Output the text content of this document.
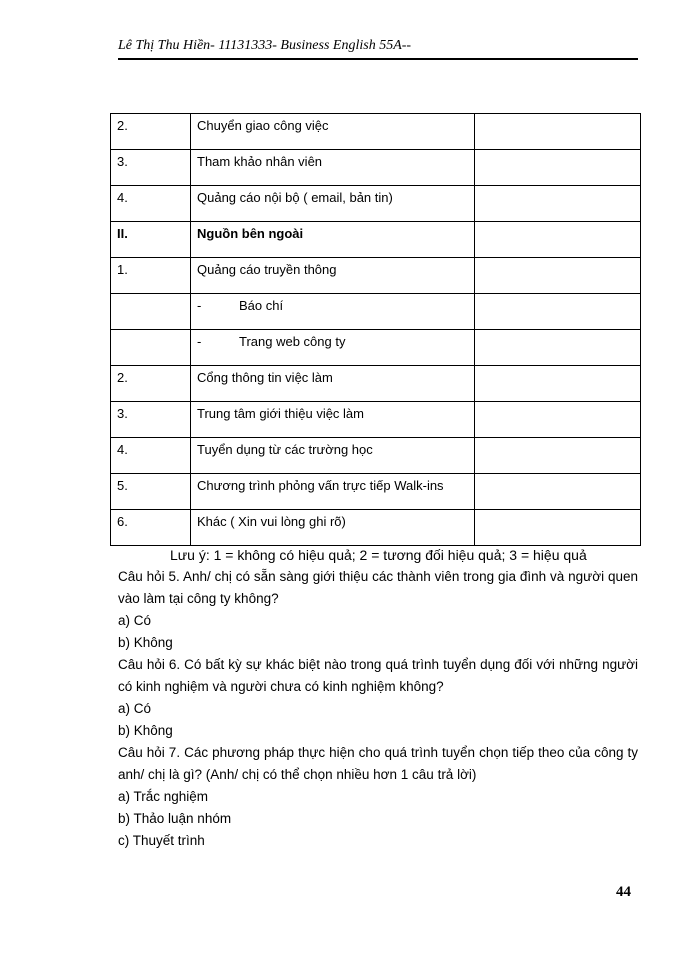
Lê Thị Thu Hiền- 11131333- Business English 55A--
2.	Chuyển giao công việc	
3.	Tham khảo nhân viên	
4.	Quảng cáo nội bộ ( email, bản tin)	
II.	Nguồn bên ngoài	
1.	Quảng cáo truyền thông	
	- Báo chí	
	- Trang web công ty	
2.	Cổng thông tin việc làm	
3.	Trung tâm giới thiệu việc làm	
4.	Tuyển dụng từ các trường học	
5.	Chương trình phỏng vấn trực tiếp Walk-ins	
6.	Khác ( Xin vui lòng ghi rõ)	
Lưu ý: 1 = không có hiệu quả; 2 = tương đối hiệu quả; 3 = hiệu quả

Câu hỏi 5. Anh/ chị có sẵn sàng giới thiệu các thành viên trong gia đình và người quen vào làm tại công ty không?

a) Có

b) Không

Câu hỏi 6. Có bất kỳ sự khác biệt nào trong quá trình tuyển dụng đối với những người có kinh nghiệm và người chưa có kinh nghiệm không?

a) Có

b) Không

Câu hỏi 7. Các phương pháp thực hiện cho quá trình tuyển chọn tiếp theo của công ty anh/ chị là gì? (Anh/ chị có thể chọn nhiều hơn 1 câu trả lời)

a) Trắc nghiệm

b) Thảo luận nhóm

c) Thuyết trình

44
